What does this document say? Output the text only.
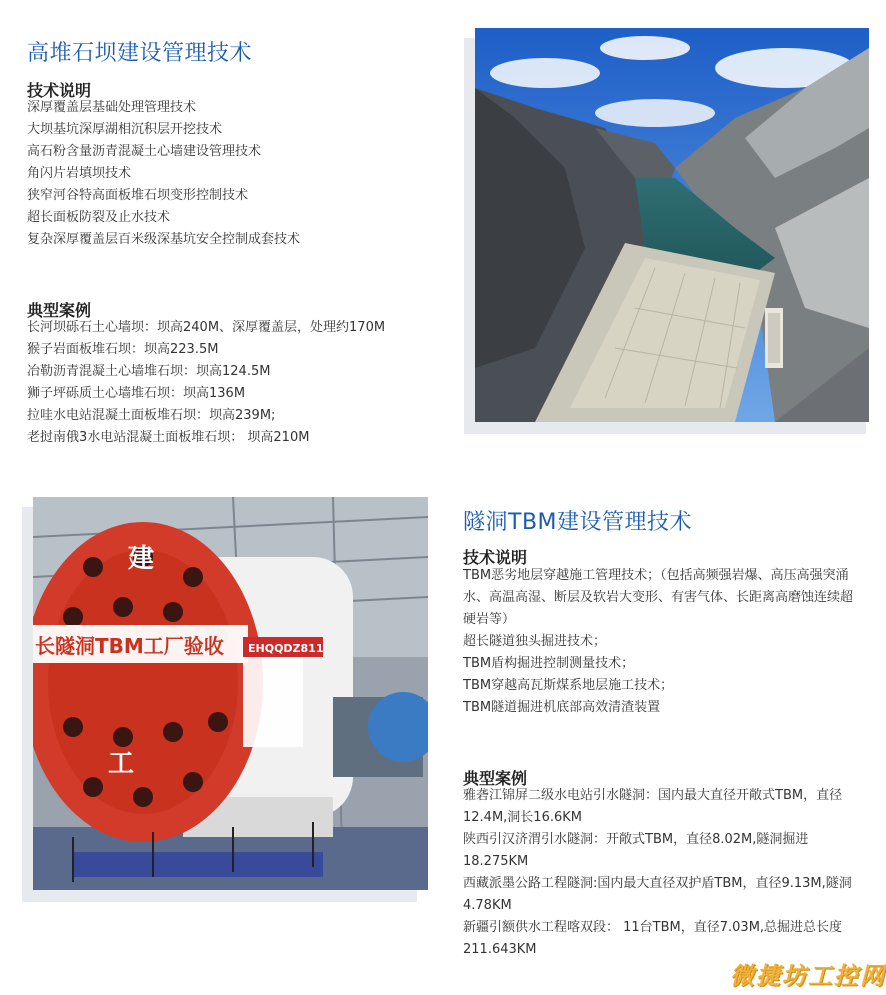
高堆石坝建设管理技术
技术说明
深厚覆盖层基础处理管理技术
大坝基坑深厚湖相沉积层开挖技术
高石粉含量沥青混凝土心墙建设管理技术
角闪片岩填坝技术
狭窄河谷特高面板堆石坝变形控制技术
超长面板防裂及止水技术
复杂深厚覆盖层百米级深基坑安全控制成套技术
典型案例
长河坝砾石土心墙坝：坝高240M、深厚覆盖层，处理约170M
猴子岩面板堆石坝：坝高223.5M
冶勒沥青混凝土心墙堆石坝：坝高124.5M
狮子坪砾质土心墙堆石坝：坝高136M
拉哇水电站混凝土面板堆石坝：坝高239M;
老挝南俄3水电站混凝土面板堆石坝： 坝高210M
建
工
长隧洞TBM工厂验收 EHQQDZ811
隧洞TBM建设管理技术
技术说明
TBM恶劣地层穿越施工管理技术；（包括高频强岩爆、高压高强突涌水、高温高湿、断层及软岩大变形、有害气体、长距离高磨蚀连续超硬岩等）
超长隧道独头掘进技术；
TBM盾构掘进控制测量技术；
TBM穿越高瓦斯煤系地层施工技术；
TBM隧道掘进机底部高效清渣装置
典型案例
雅砻江锦屏二级水电站引水隧洞：国内最大直径开敞式TBM，直径12.4M,洞长16.6KM
陕西引汉济渭引水隧洞：开敞式TBM，直径8.02M,隧洞掘进18.275KM
西藏派墨公路工程隧洞:国内最大直径双护盾TBM，直径9.13M,隧洞4.78KM
新疆引额供水工程喀双段： 11台TBM，直径7.03M,总掘进总长度211.643KM
微捷坊工控网
